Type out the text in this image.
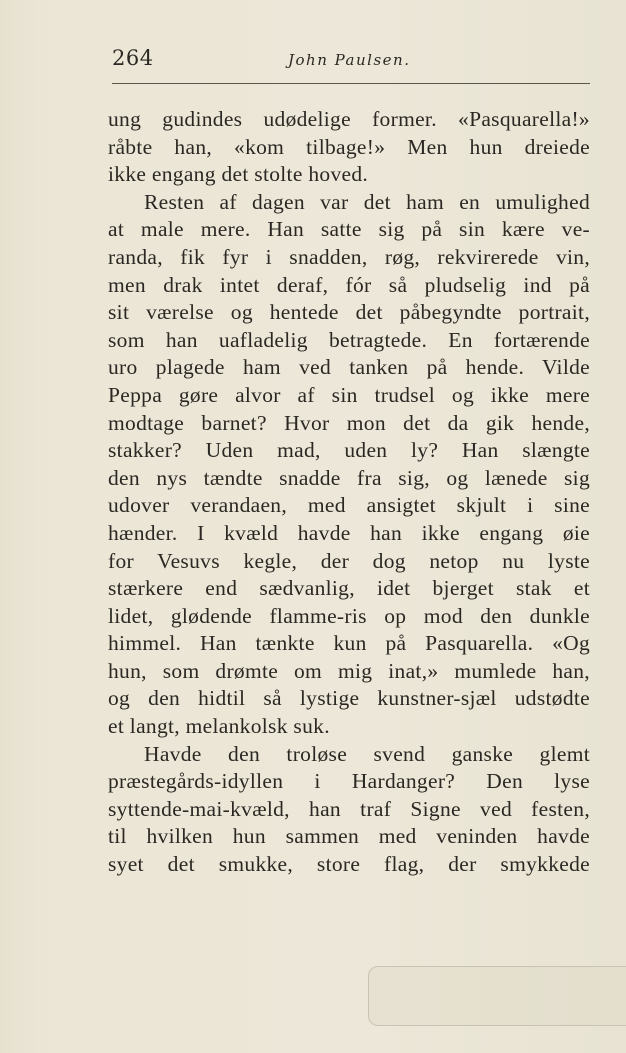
264	John Paulsen.
ung gudindes udødelige former. «Pasquarella!»
råbte han, «kom tilbage!» Men hun dreiede
ikke engang det stolte hoved.
Resten af dagen var det ham en umulighed
at male mere. Han satte sig på sin kære ve-
randa, fik fyr i snadden, røg, rekvirerede vin,
men drak intet deraf, fór så pludselig ind på
sit værelse og hentede det påbegyndte portrait,
som han uafladelig betragtede. En fortærende
uro plagede ham ved tanken på hende. Vilde
Peppa gøre alvor af sin trudsel og ikke mere
modtage barnet? Hvor mon det da gik hende,
stakker? Uden mad, uden ly? Han slængte
den nys tændte snadde fra sig, og lænede sig
udover verandaen, med ansigtet skjult i sine
hænder. I kvæld havde han ikke engang øie
for Vesuvs kegle, der dog netop nu lyste
stærkere end sædvanlig, idet bjerget stak et
lidet, glødende flamme-ris op mod den dunkle
himmel. Han tænkte kun på Pasquarella. «Og
hun, som drømte om mig inat,» mumlede han,
og den hidtil så lystige kunstner-sjæl udstødte
et langt, melankolsk suk.
Havde den troløse svend ganske glemt
præstegårds-idyllen i Hardanger? Den lyse
syttende-mai-kvæld, han traf Signe ved festen,
til hvilken hun sammen med veninden havde
syet det smukke, store flag, der smykkede
